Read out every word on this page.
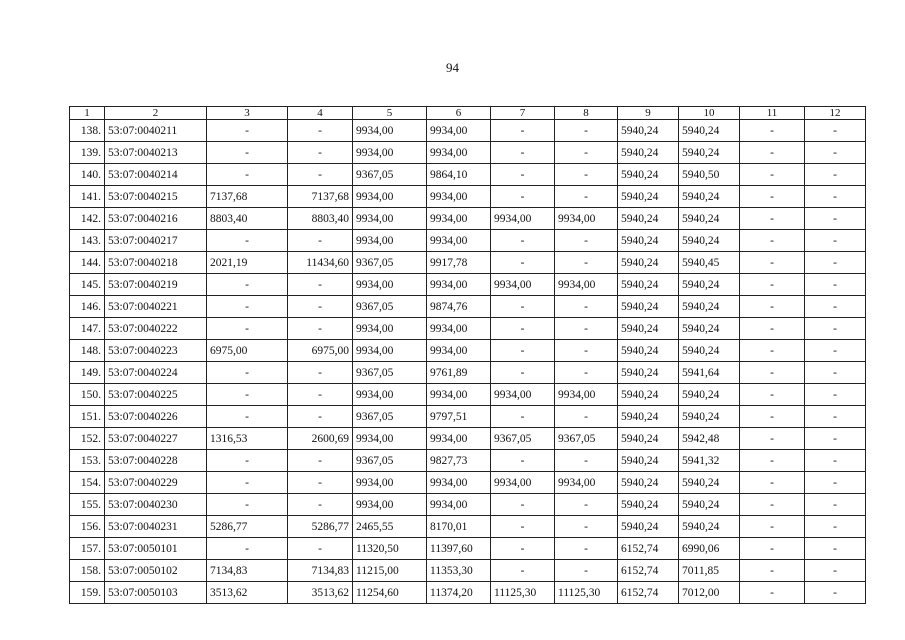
94
1	2	3	4	5	6	7	8	9	10	11	12
138.	53:07:0040211	-	-	9934,00	9934,00	-	-	5940,24	5940,24	-	-
139.	53:07:0040213	-	-	9934,00	9934,00	-	-	5940,24	5940,24	-	-
140.	53:07:0040214	-	-	9367,05	9864,10	-	-	5940,24	5940,50	-	-
141.	53:07:0040215	7137,68	7137,68	9934,00	9934,00	-	-	5940,24	5940,24	-	-
142.	53:07:0040216	8803,40	8803,40	9934,00	9934,00	9934,00	9934,00	5940,24	5940,24	-	-
143.	53:07:0040217	-	-	9934,00	9934,00	-	-	5940,24	5940,24	-	-
144.	53:07:0040218	2021,19	11434,60	9367,05	9917,78	-	-	5940,24	5940,45	-	-
145.	53:07:0040219	-	-	9934,00	9934,00	9934,00	9934,00	5940,24	5940,24	-	-
146.	53:07:0040221	-	-	9367,05	9874,76	-	-	5940,24	5940,24	-	-
147.	53:07:0040222	-	-	9934,00	9934,00	-	-	5940,24	5940,24	-	-
148.	53:07:0040223	6975,00	6975,00	9934,00	9934,00	-	-	5940,24	5940,24	-	-
149.	53:07:0040224	-	-	9367,05	9761,89	-	-	5940,24	5941,64	-	-
150.	53:07:0040225	-	-	9934,00	9934,00	9934,00	9934,00	5940,24	5940,24	-	-
151.	53:07:0040226	-	-	9367,05	9797,51	-	-	5940,24	5940,24	-	-
152.	53:07:0040227	1316,53	2600,69	9934,00	9934,00	9367,05	9367,05	5940,24	5942,48	-	-
153.	53:07:0040228	-	-	9367,05	9827,73	-	-	5940,24	5941,32	-	-
154.	53:07:0040229	-	-	9934,00	9934,00	9934,00	9934,00	5940,24	5940,24	-	-
155.	53:07:0040230	-	-	9934,00	9934,00	-	-	5940,24	5940,24	-	-
156.	53:07:0040231	5286,77	5286,77	2465,55	8170,01	-	-	5940,24	5940,24	-	-
157.	53:07:0050101	-	-	11320,50	11397,60	-	-	6152,74	6990,06	-	-
158.	53:07:0050102	7134,83	7134,83	11215,00	11353,30	-	-	6152,74	7011,85	-	-
159.	53:07:0050103	3513,62	3513,62	11254,60	11374,20	11125,30	11125,30	6152,74	7012,00	-	-
